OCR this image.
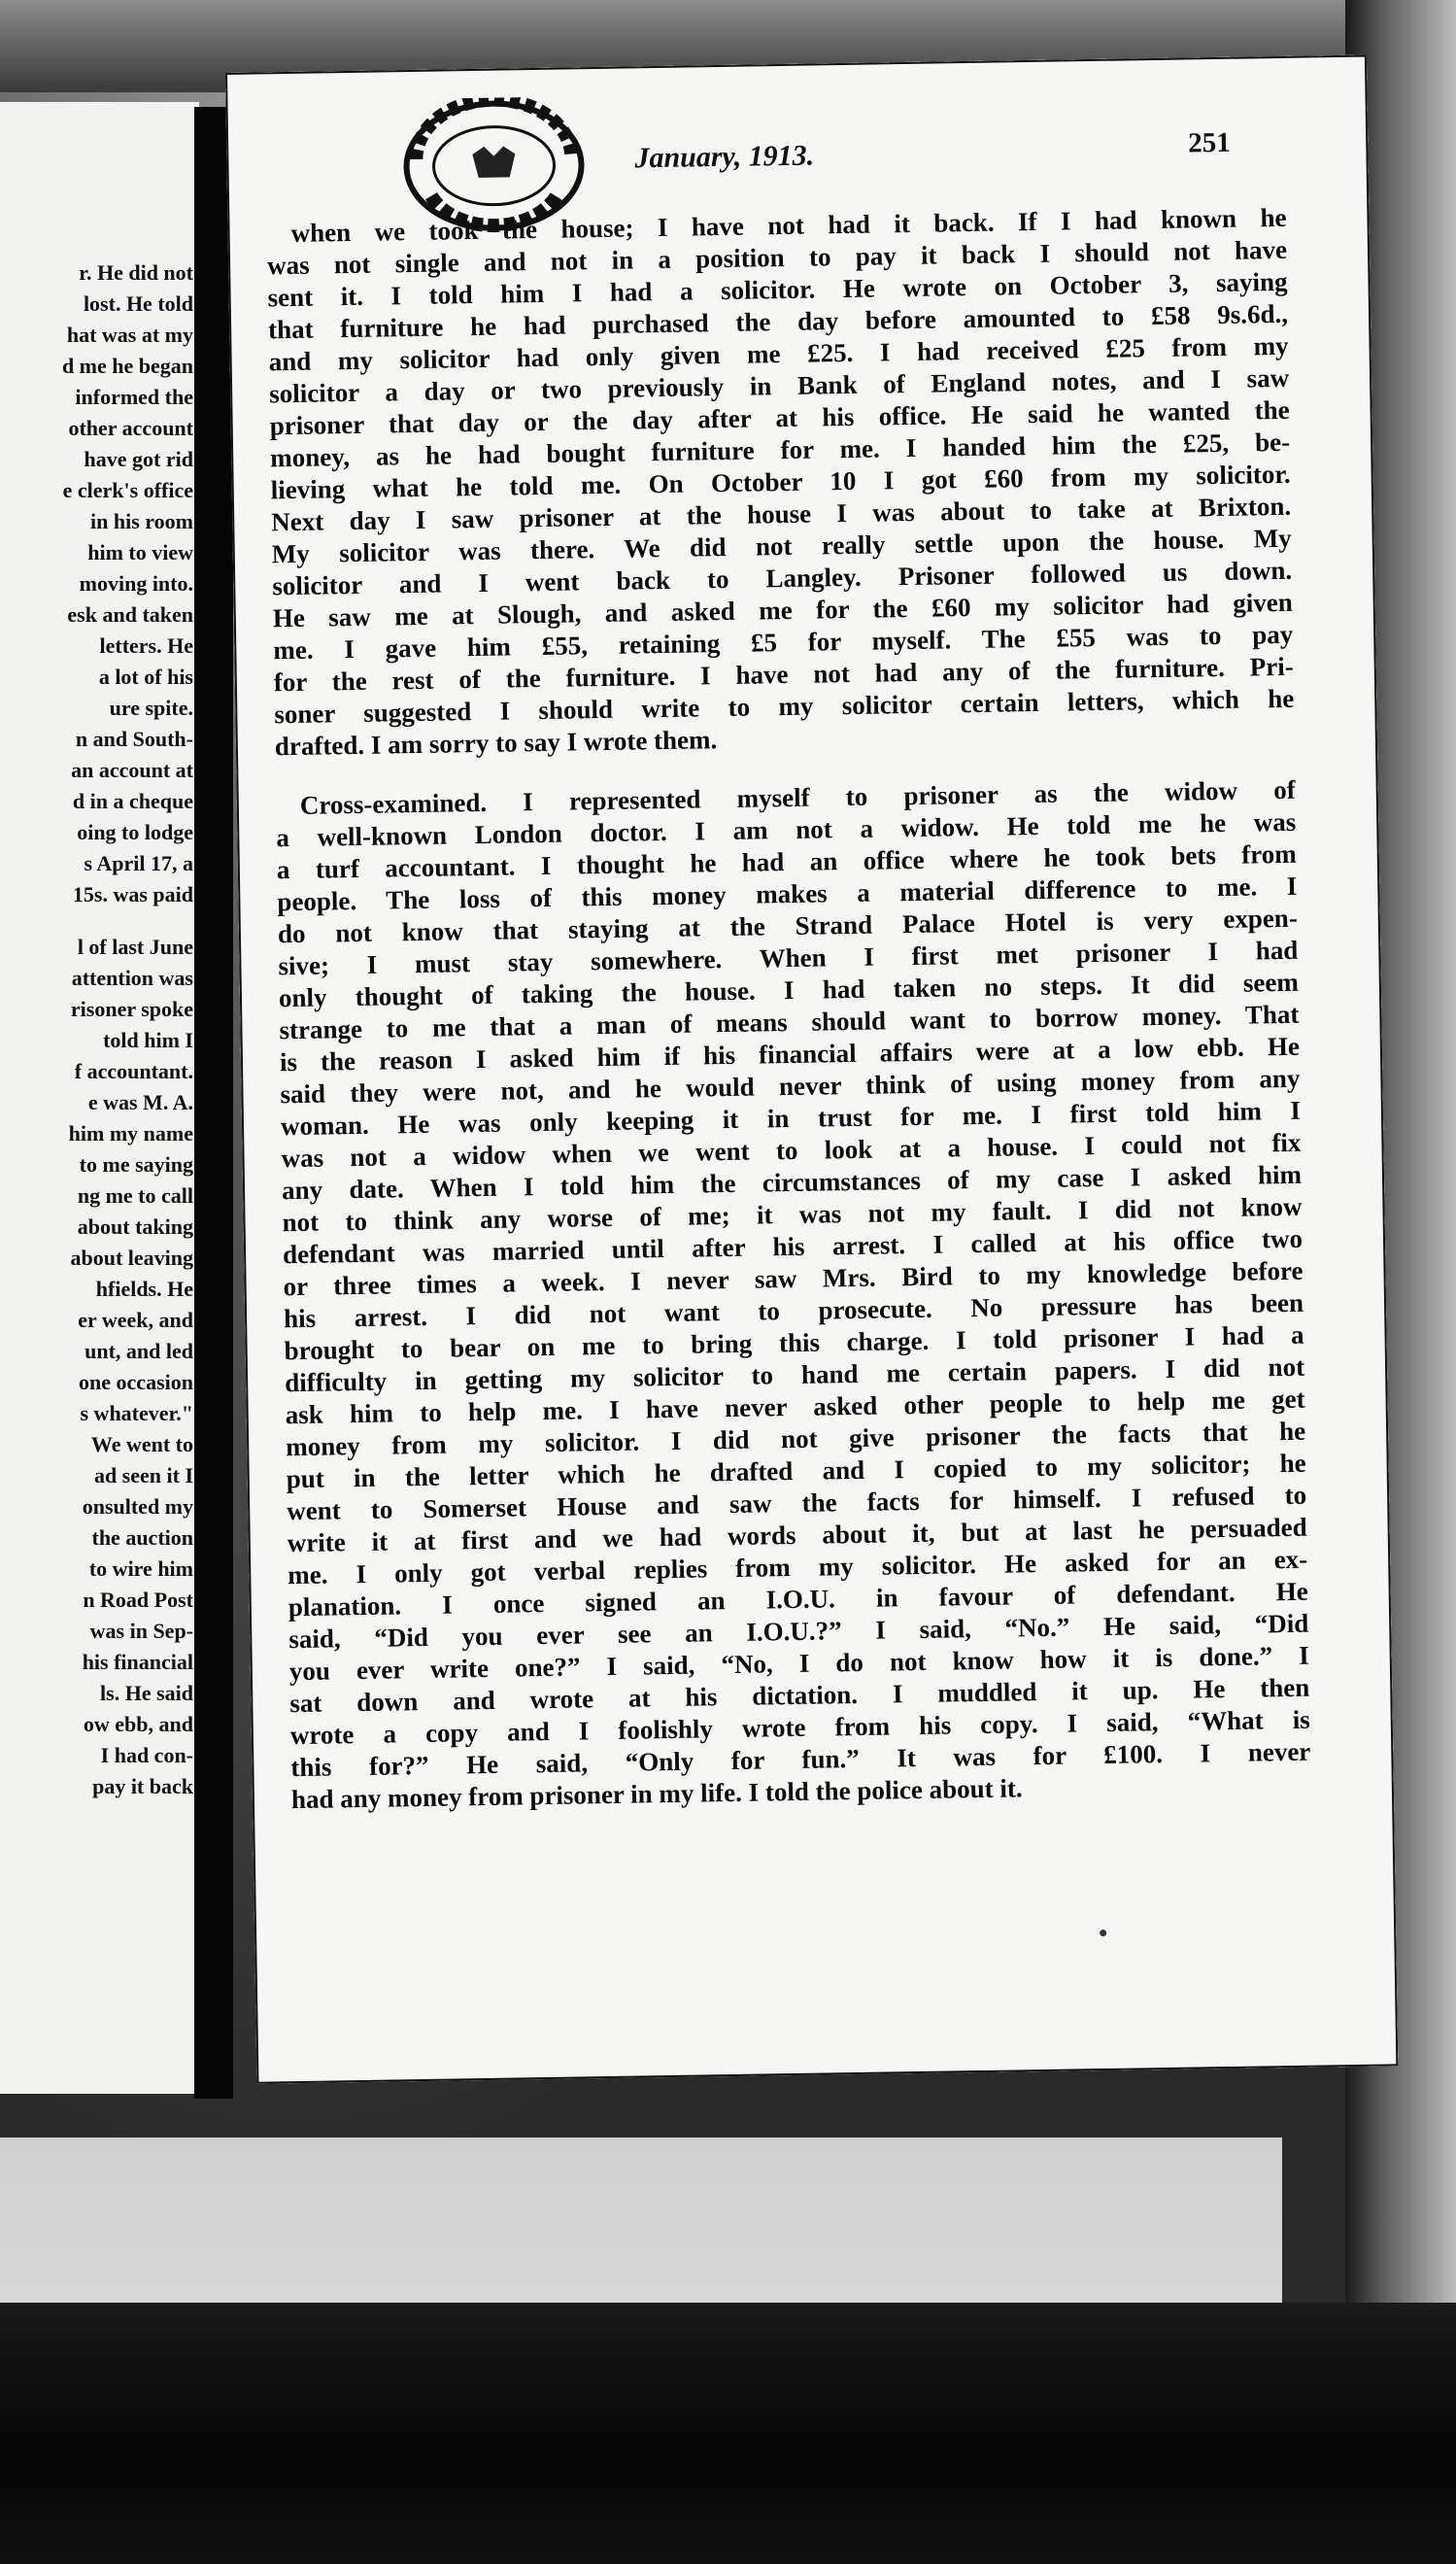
r. He did not
lost. He told
hat was at my
d me he began
informed the
other account
have got rid
e clerk's office
in his room
him to view
moving into.
esk and taken
letters. He
a lot of his
ure spite.
n and South-
an account at
d in a cheque
oing to lodge
s April 17, a
15s. was paid
l of last June
attention was
risoner spoke
told him I
f accountant.
e was M. A.
him my name
to me saying
ng me to call
about taking
about leaving
hfields. He
er week, and
unt, and led
one occasion
s whatever."
We went to
ad seen it I
onsulted my
the auction
to wire him
n Road Post
was in Sep-
his financial
ls. He said
ow ebb, and
I had con-
pay it back
January, 1913.	251

when we took the house; I have not had it back. If I had known he
was not single and not in a position to pay it back I should not have
sent it. I told him I had a solicitor. He wrote on October 3, saying
that furniture he had purchased the day before amounted to £58 9s.6d.,
and my solicitor had only given me £25. I had received £25 from my
solicitor a day or two previously in Bank of England notes, and I saw
prisoner that day or the day after at his office. He said he wanted the
money, as he had bought furniture for me. I handed him the £25, be-
lieving what he told me. On October 10 I got £60 from my solicitor.
Next day I saw prisoner at the house I was about to take at Brixton.
My solicitor was there. We did not really settle upon the house. My
solicitor and I went back to Langley. Prisoner followed us down.
He saw me at Slough, and asked me for the £60 my solicitor had given
me. I gave him £55, retaining £5 for myself. The £55 was to pay
for the rest of the furniture. I have not had any of the furniture. Pri-
soner suggested I should write to my solicitor certain letters, which he
drafted. I am sorry to say I wrote them.

Cross-examined. I represented myself to prisoner as the widow of
a well-known London doctor. I am not a widow. He told me he was
a turf accountant. I thought he had an office where he took bets from
people. The loss of this money makes a material difference to me. I
do not know that staying at the Strand Palace Hotel is very expen-
sive; I must stay somewhere. When I first met prisoner I had
only thought of taking the house. I had taken no steps. It did seem
strange to me that a man of means should want to borrow money. That
is the reason I asked him if his financial affairs were at a low ebb. He
said they were not, and he would never think of using money from any
woman. He was only keeping it in trust for me. I first told him I
was not a widow when we went to look at a house. I could not fix
any date. When I told him the circumstances of my case I asked him
not to think any worse of me; it was not my fault. I did not know
defendant was married until after his arrest. I called at his office two
or three times a week. I never saw Mrs. Bird to my knowledge before
his arrest. I did not want to prosecute. No pressure has been
brought to bear on me to bring this charge. I told prisoner I had a
difficulty in getting my solicitor to hand me certain papers. I did not
ask him to help me. I have never asked other people to help me get
money from my solicitor. I did not give prisoner the facts that he
put in the letter which he drafted and I copied to my solicitor; he
went to Somerset House and saw the facts for himself. I refused to
write it at first and we had words about it, but at last he persuaded
me. I only got verbal replies from my solicitor. He asked for an ex-
planation. I once signed an I.O.U. in favour of defendant. He
said, “Did you ever see an I.O.U.?” I said, “No.” He said, “Did
you ever write one?” I said, “No, I do not know how it is done.” I
sat down and wrote at his dictation. I muddled it up. He then
wrote a copy and I foolishly wrote from his copy. I said, “What is
this for?” He said, “Only for fun.” It was for £100. I never
had any money from prisoner in my life. I told the police about it.
